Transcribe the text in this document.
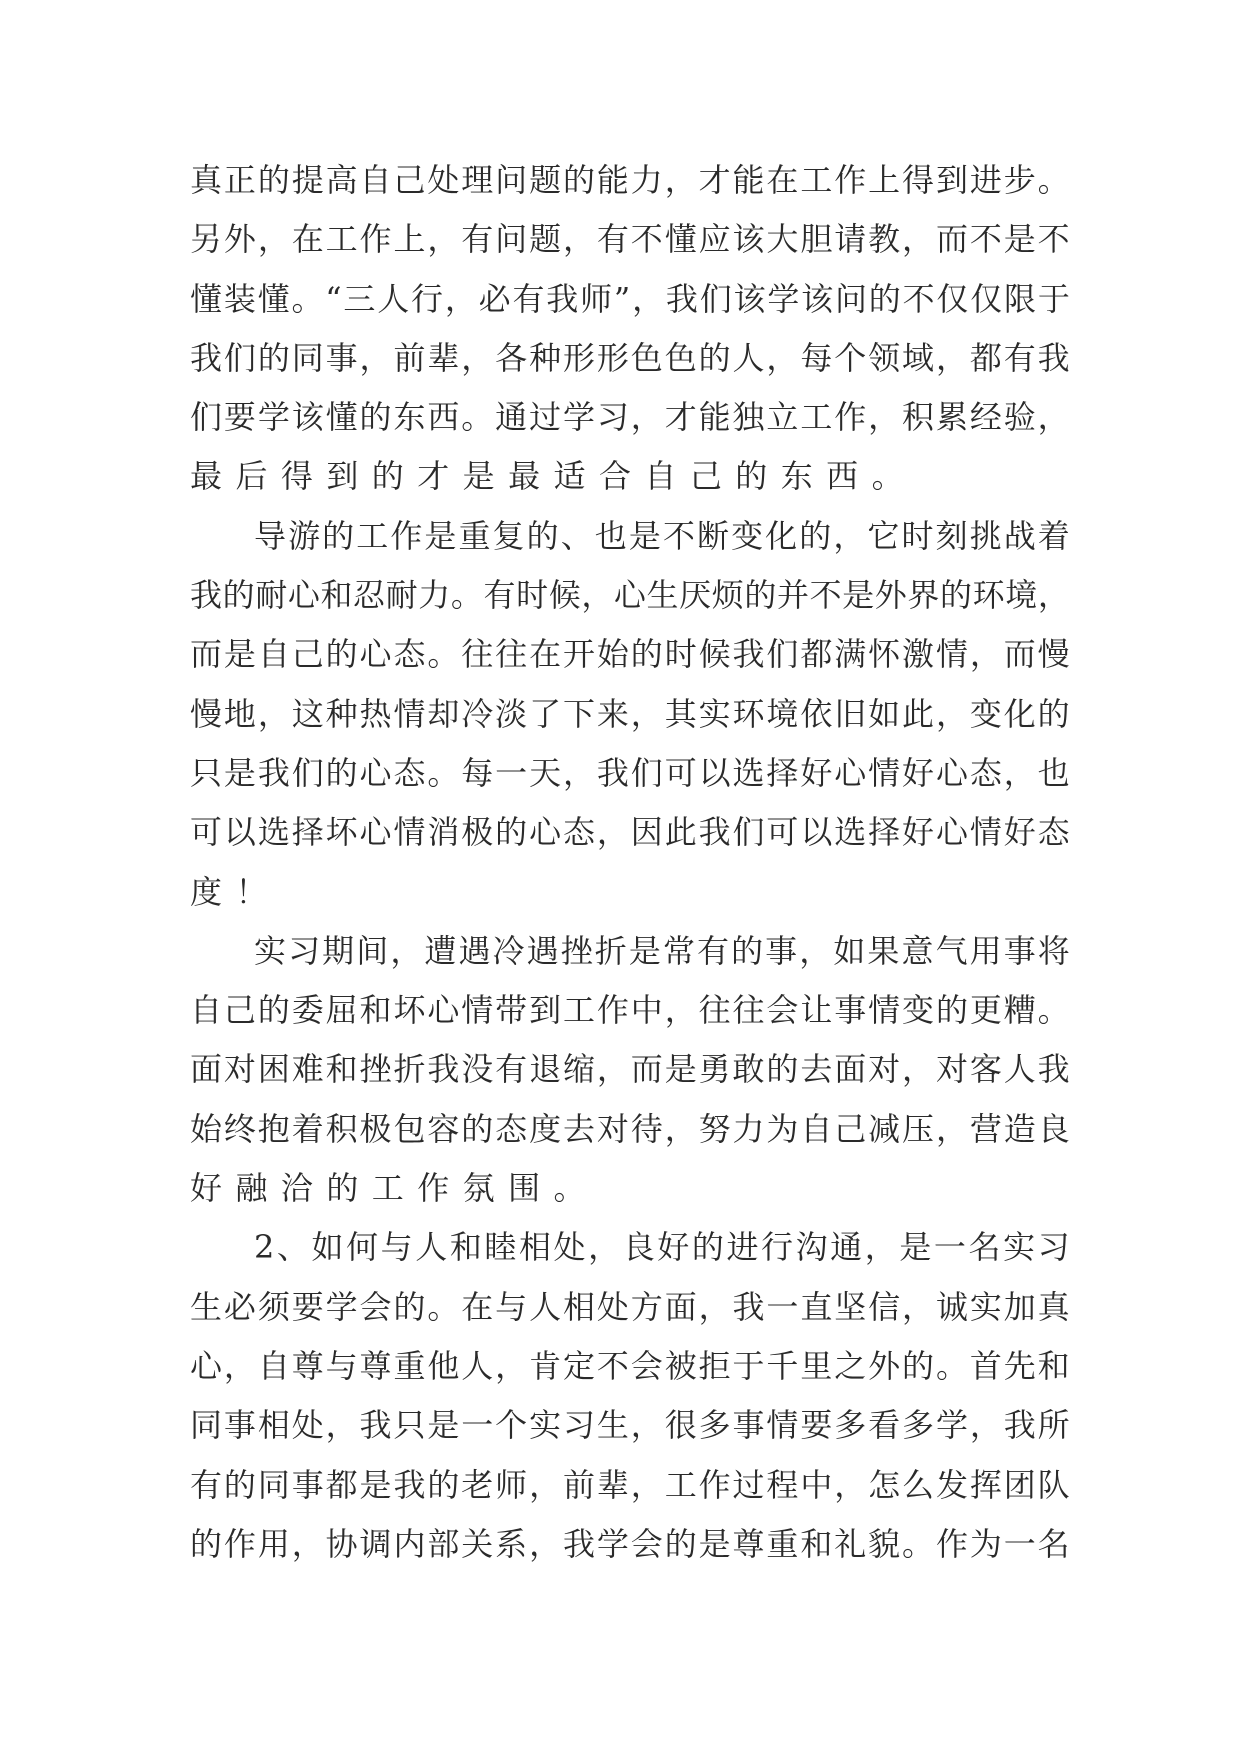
真 正 的 提 高 自 己 处 理 问 题 的 能 力 ， 才 能 在 工 作 上 得 到 进 步 。
另 外 ， 在 工 作 上 ， 有 问 题 ， 有 不 懂 应 该 大 胆 请 教 ， 而 不 是 不
懂 装 懂 。 “ 三 人 行 ， 必 有 我 师 ” ， 我 们 该 学 该 问 的 不 仅 仅 限 于
我 们 的 同 事 ， 前 辈 ， 各 种 形 形 色 色 的 人 ， 每 个 领 域 ， 都 有 我
们 要 学 该 懂 的 东 西 。 通 过 学 习 ， 才 能 独 立 工 作 ， 积 累 经 验 ，
最后得到的才是最适合自己的东西。
导 游 的 工 作 是 重 复 的 、 也 是 不 断 变 化 的 ， 它 时 刻 挑 战 着
我 的 耐 心 和 忍 耐 力 。 有 时 候 ， 心 生 厌 烦 的 并 不 是 外 界 的 环 境 ，
而 是 自 己 的 心 态 。 往 往 在 开 始 的 时 候 我 们 都 满 怀 激 情 ， 而 慢
慢 地 ， 这 种 热 情 却 冷 淡 了 下 来 ， 其 实 环 境 依 旧 如 此 ， 变 化 的
只 是 我 们 的 心 态 。 每 一 天 ， 我 们 可 以 选 择 好 心 情 好 心 态 ， 也
可 以 选 择 坏 心 情 消 极 的 心 态 ， 因 此 我 们 可 以 选 择 好 心 情 好 态
度！
实 习 期 间 ， 遭 遇 冷 遇 挫 折 是 常 有 的 事 ， 如 果 意 气 用 事 将
自 己 的 委 屈 和 坏 心 情 带 到 工 作 中 ， 往 往 会 让 事 情 变 的 更 糟 。
面 对 困 难 和 挫 折 我 没 有 退 缩 ， 而 是 勇 敢 的 去 面 对 ， 对 客 人 我
始 终 抱 着 积 极 包 容 的 态 度 去 对 待 ， 努 力 为 自 己 减 压 ， 营 造 良
好融洽的工作氛围。
2 、 如 何 与 人 和 睦 相 处 ， 良 好 的 进 行 沟 通 ， 是 一 名 实 习
生 必 须 要 学 会 的 。 在 与 人 相 处 方 面 ， 我 一 直 坚 信 ， 诚 实 加 真
心 ， 自 尊 与 尊 重 他 人 ， 肯 定 不 会 被 拒 于 千 里 之 外 的 。 首 先 和
同 事 相 处 ， 我 只 是 一 个 实 习 生 ， 很 多 事 情 要 多 看 多 学 ， 我 所
有 的 同 事 都 是 我 的 老 师 ， 前 辈 ， 工 作 过 程 中 ， 怎 么 发 挥 团 队
的 作 用 ， 协 调 内 部 关 系 ， 我 学 会 的 是 尊 重 和 礼 貌 。 作 为 一 名
